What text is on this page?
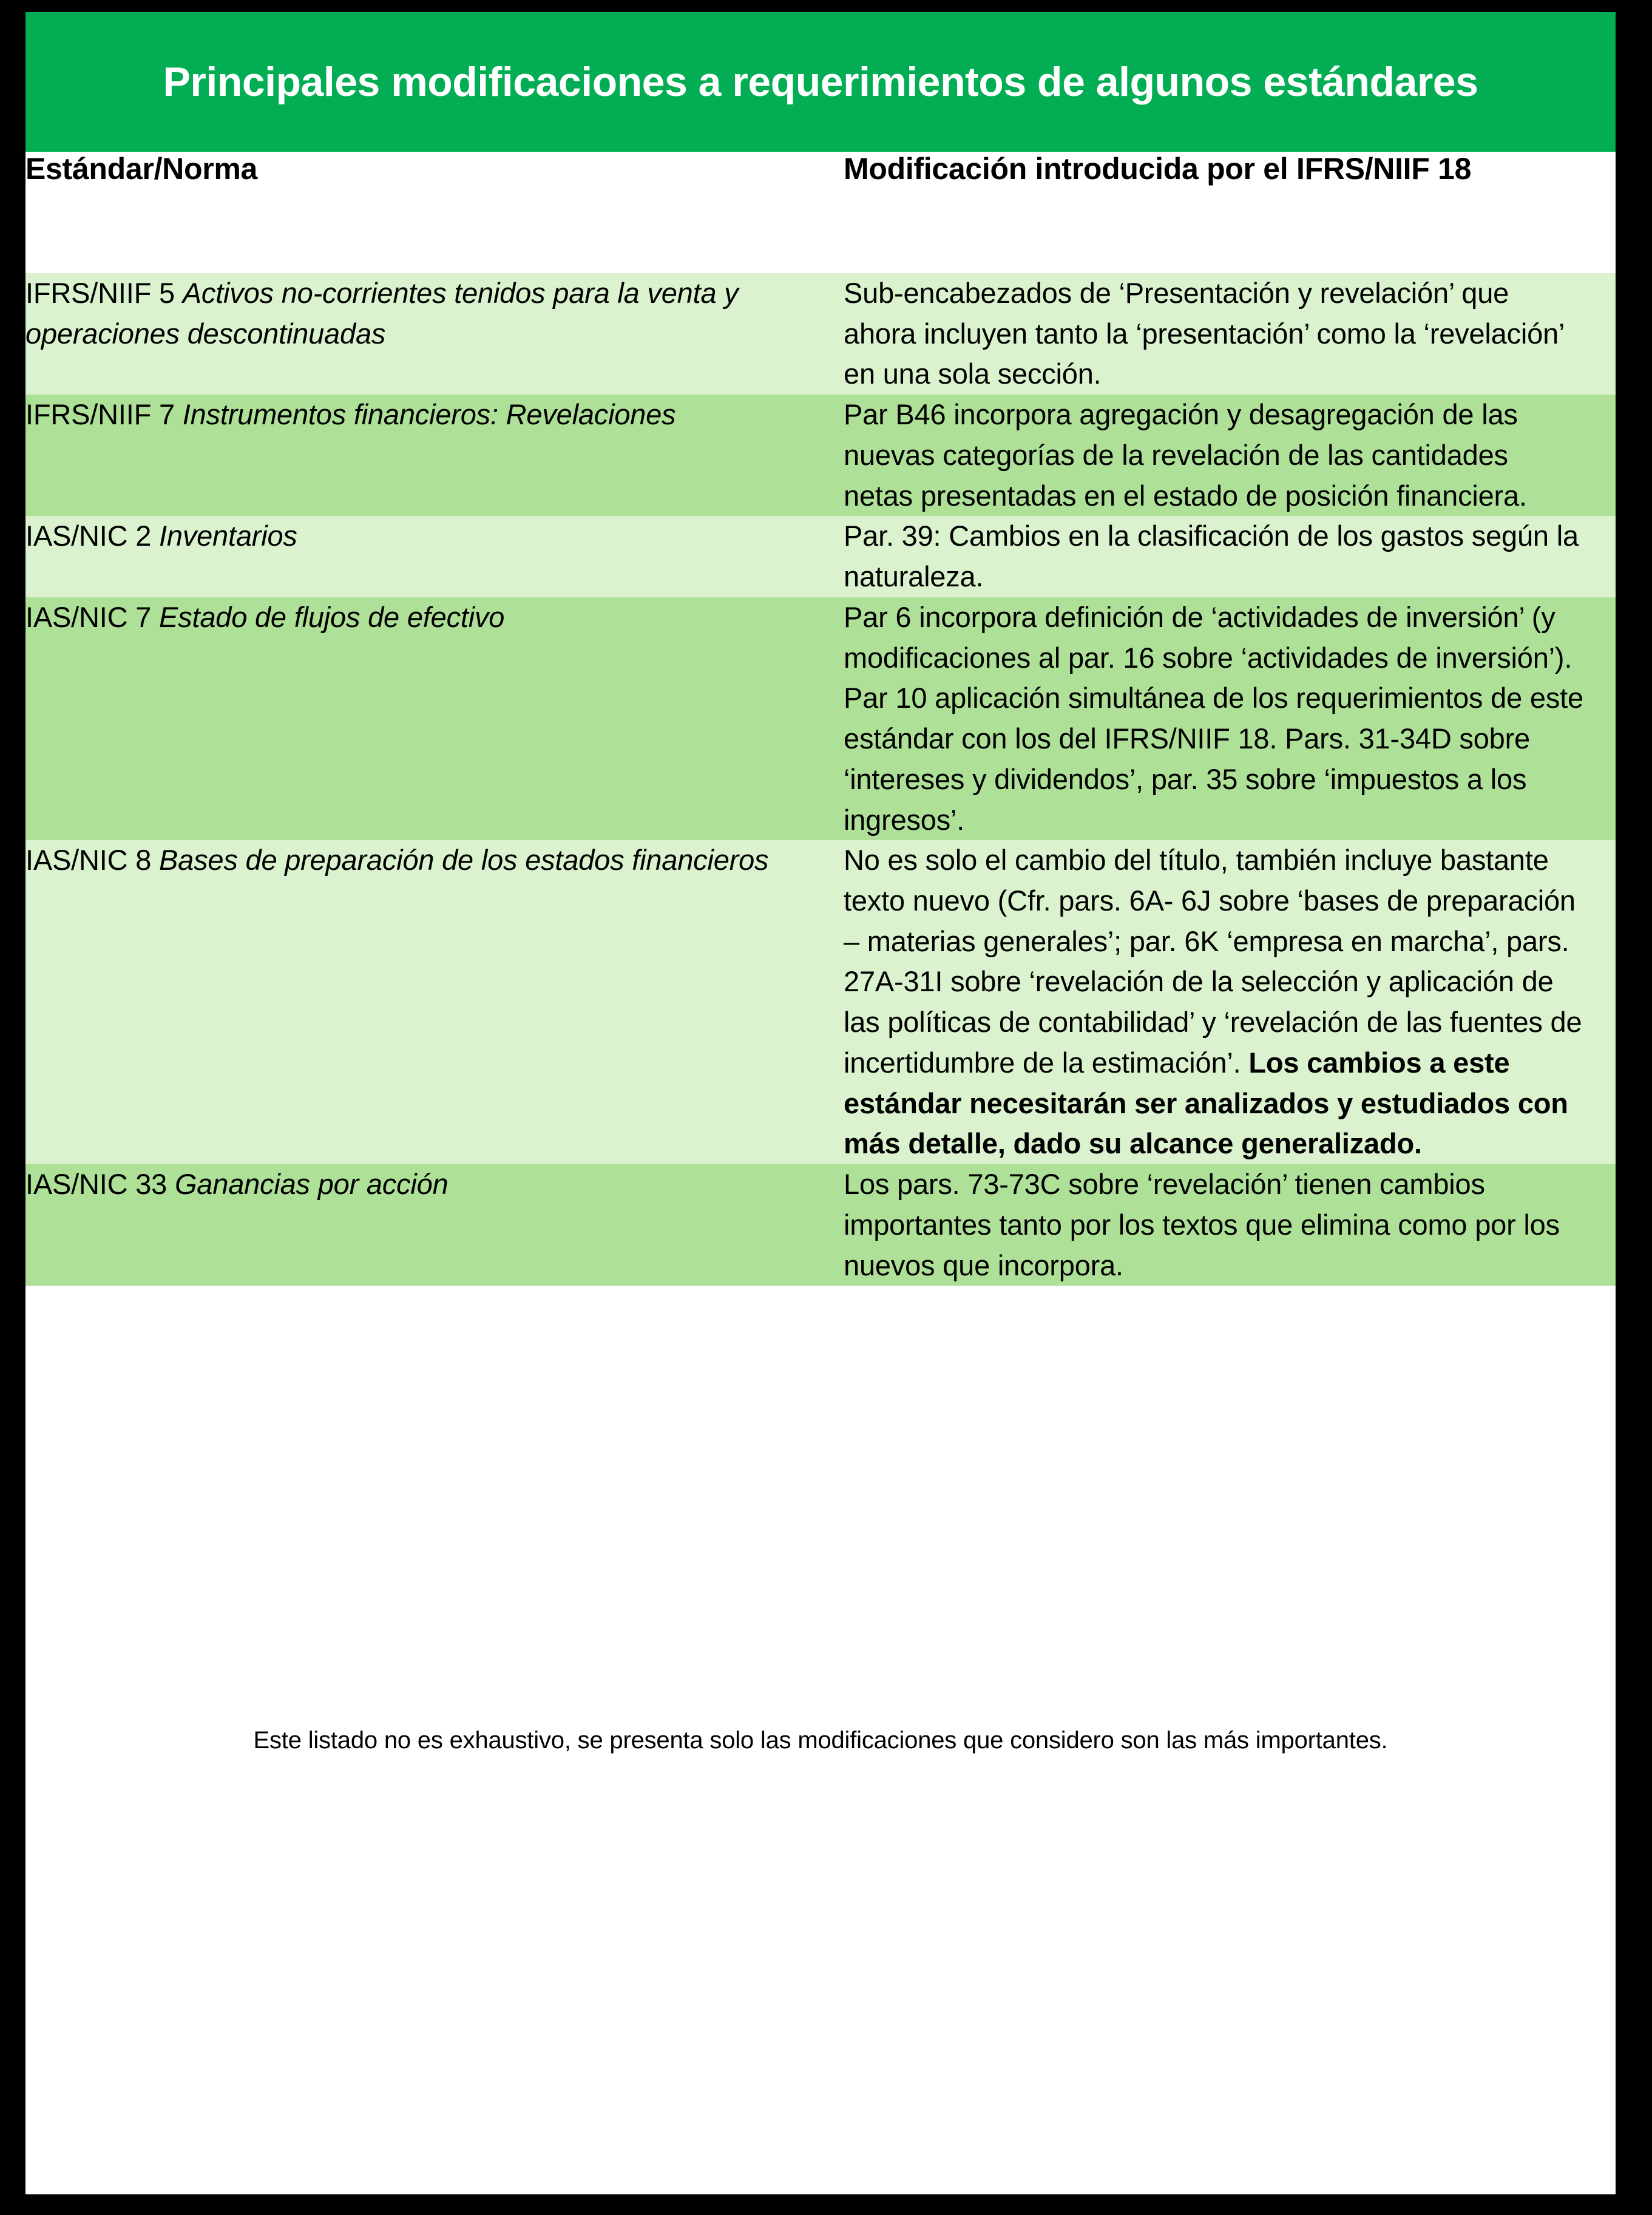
Principales modificaciones a requerimientos de algunos estándares
Estándar/Norma	Modificación introducida por el IFRS/NIIF 18

IFRS/NIIF 5 Activos no-corrientes tenidos para la venta y operaciones descontinuadas	Sub-encabezados de ‘Presentación y revelación’ que ahora incluyen tanto la ‘presentación’ como la ‘revelación’ en una sola sección.

IFRS/NIIF 7 Instrumentos financieros: Revelaciones	Par B46 incorpora agregación y desagregación de las nuevas categorías de la revelación de las cantidades netas presentadas en el estado de posición financiera.

IAS/NIC 2 Inventarios	Par. 39: Cambios en la clasificación de los gastos según la naturaleza.

IAS/NIC 7 Estado de flujos de efectivo	Par 6 incorpora definición de ‘actividades de inversión’ (y modificaciones al par. 16 sobre ‘actividades de inversión’). Par 10 aplicación simultánea de los requerimientos de este estándar con los del IFRS/NIIF 18. Pars. 31-34D sobre ‘intereses y dividendos’, par. 35 sobre ‘impuestos a los ingresos’.

IAS/NIC 8 Bases de preparación de los estados financieros	No es solo el cambio del título, también incluye bastante texto nuevo (Cfr. pars. 6A- 6J sobre ‘bases de preparación – materias generales’; par. 6K ‘empresa en marcha’, pars. 27A-31I sobre ‘revelación de la selección y aplicación de las políticas de contabilidad’ y ‘revelación de las fuentes de incertidumbre de la estimación’. Los cambios a este estándar necesitarán ser analizados y estudiados con más detalle, dado su alcance generalizado.

IAS/NIC 33 Ganancias por acción	Los pars. 73-73C sobre ‘revelación’ tienen cambios importantes tanto por los textos que elimina como por los nuevos que incorpora.
Este listado no es exhaustivo, se presenta solo las modificaciones que considero son las más importantes.
